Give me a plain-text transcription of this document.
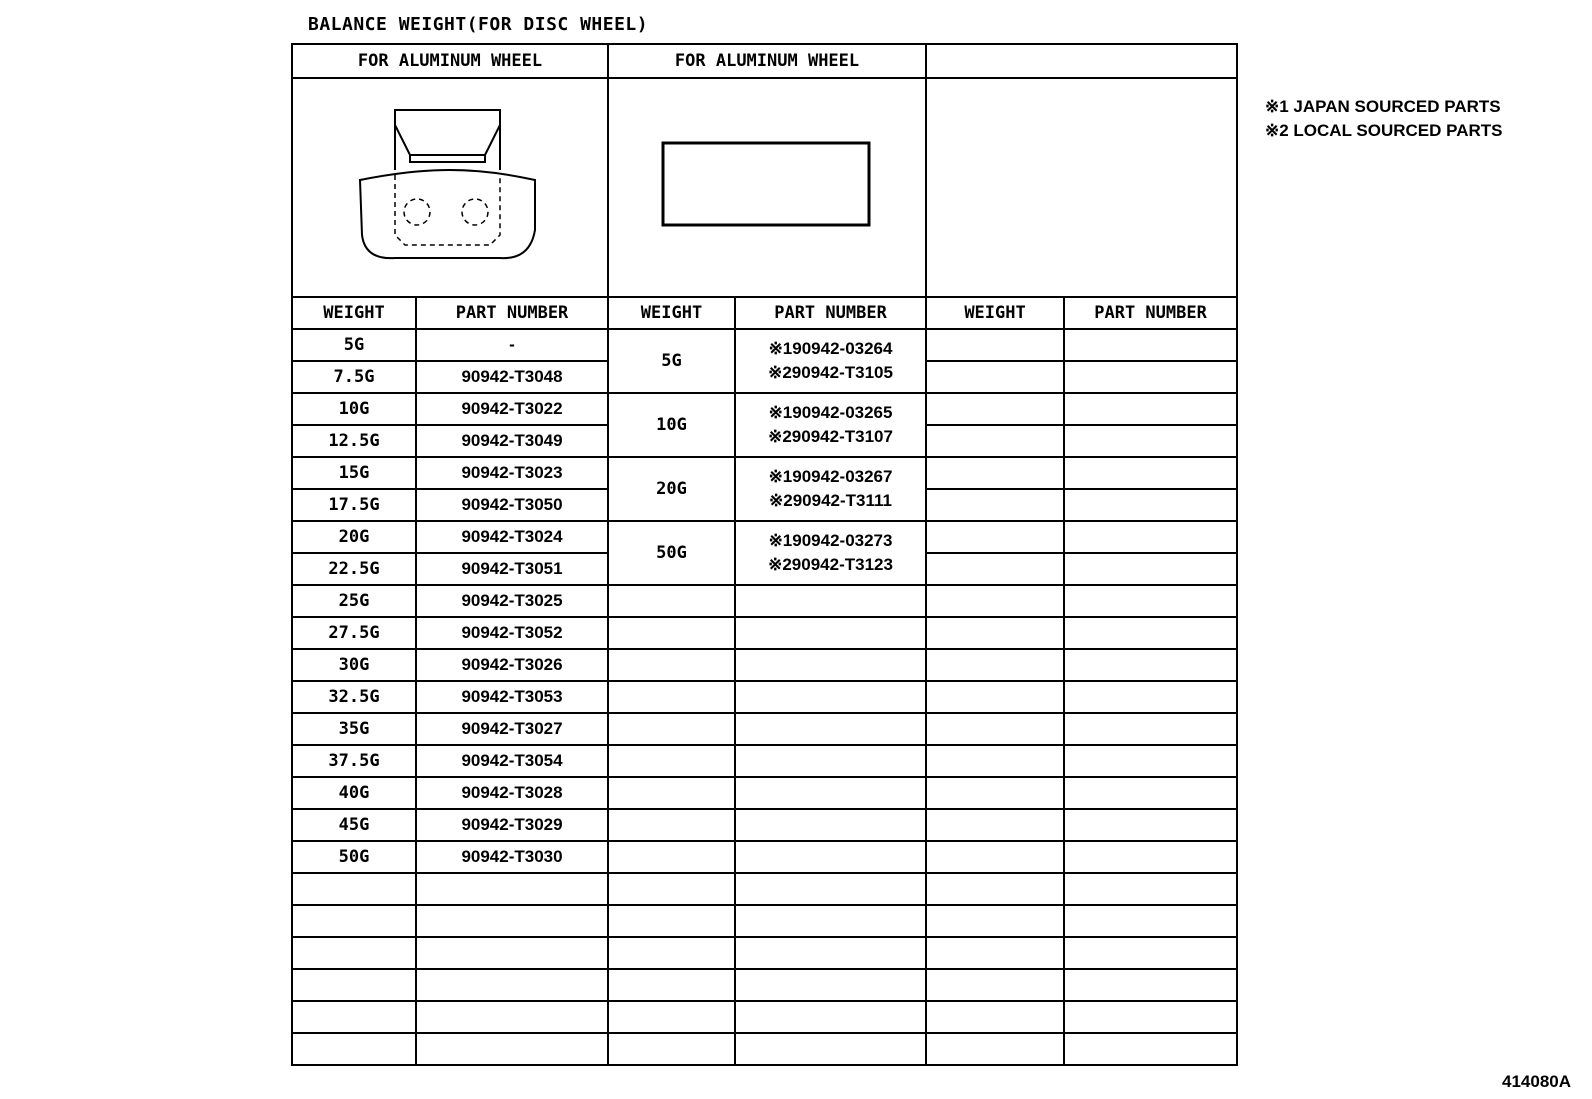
BALANCE WEIGHT(FOR DISC WHEEL)
※1 JAPAN SOURCED PARTS
※2 LOCAL SOURCED PARTS
414080A
FOR ALUMINUM WHEEL		FOR ALUMINUM WHEEL			

WEIGHT	PART NUMBER	WEIGHT	PART NUMBER	WEIGHT	PART NUMBER
5G	-	5G	※190942-03264
※290942-T3105		

7.5G	90942-T3048				
10G	90942-T3022	10G	※190942-03265
※290942-T3107		

12.5G	90942-T3049				
15G	90942-T3023	20G	※190942-03267
※290942-T3111		

17.5G	90942-T3050				
20G	90942-T3024	50G	※190942-03273
※290942-T3123		

22.5G	90942-T3051				
25G	90942-T3025				
27.5G	90942-T3052				
30G	90942-T3026				
32.5G	90942-T3053				
35G	90942-T3027				
37.5G	90942-T3054				
40G	90942-T3028				
45G	90942-T3029				
50G	90942-T3030				
